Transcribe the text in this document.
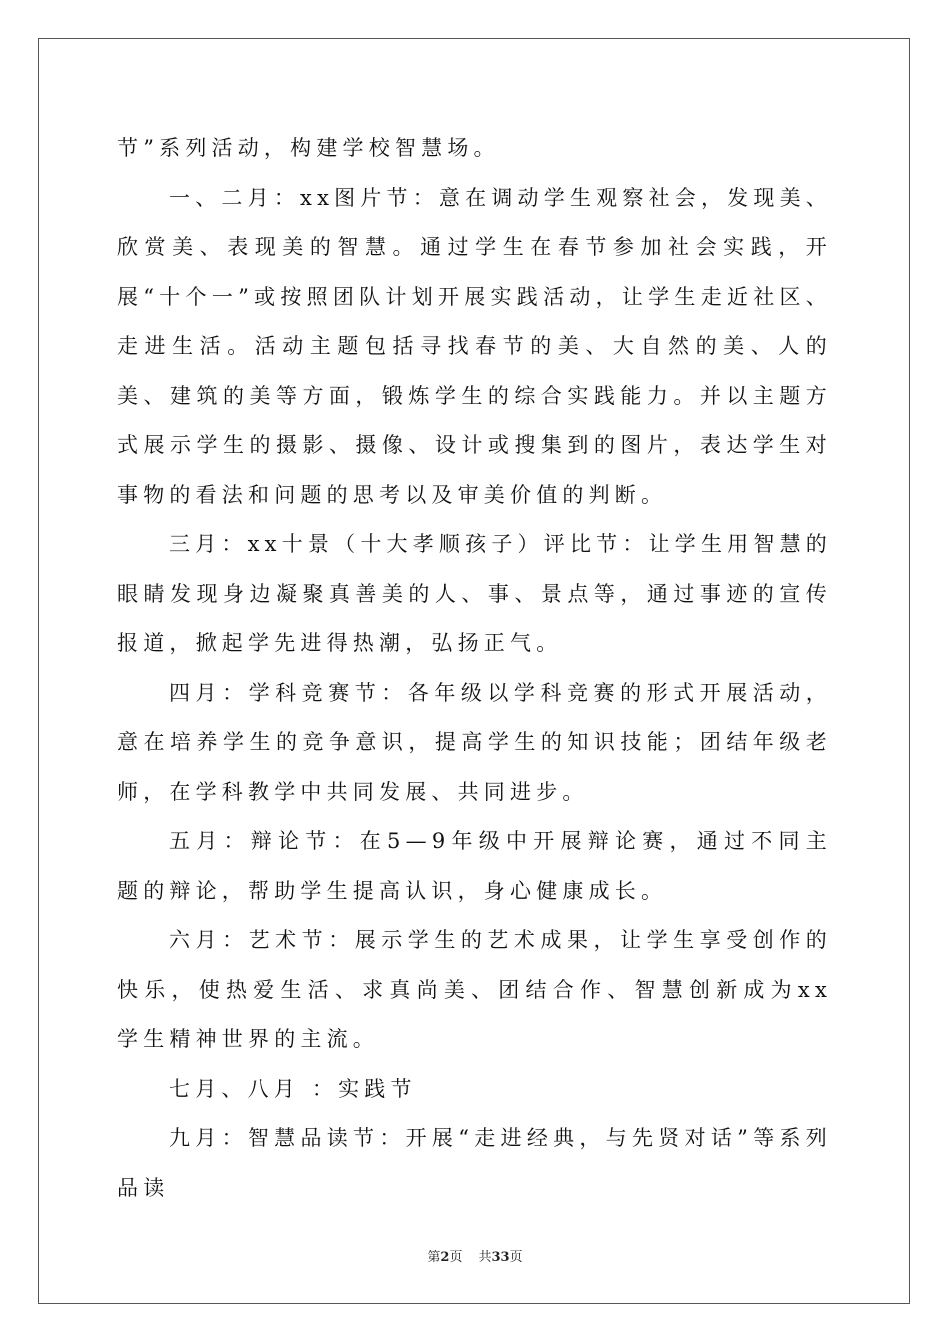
节”系列活动，构建学校智慧场。

一、二月：xx图片节：意在调动学生观察社会，发现美、欣赏美、表现美的智慧。通过学生在春节参加社会实践，开展“十个一”或按照团队计划开展实践活动，让学生走近社区、走进生活。活动主题包括寻找春节的美、大自然的美、人的美、建筑的美等方面，锻炼学生的综合实践能力。并以主题方式展示学生的摄影、摄像、设计或搜集到的图片，表达学生对事物的看法和问题的思考以及审美价值的判断。

三月：xx十景（十大孝顺孩子）评比节：让学生用智慧的眼睛发现身边凝聚真善美的人、事、景点等，通过事迹的宣传报道，掀起学先进得热潮，弘扬正气。

四月：学科竞赛节：各年级以学科竞赛的形式开展活动，意在培养学生的竞争意识，提高学生的知识技能；团结年级老师，在学科教学中共同发展、共同进步。

五月：辩论节：在5—9年级中开展辩论赛，通过不同主题的辩论，帮助学生提高认识，身心健康成长。

六月：艺术节：展示学生的艺术成果，让学生享受创作的快乐，使热爱生活、求真尚美、团结合作、智慧创新成为xx学生精神世界的主流。

七月、八月 ：实践节

九月：智慧品读节：开展“走进经典，与先贤对话”等系列品读

第2页 共33页
